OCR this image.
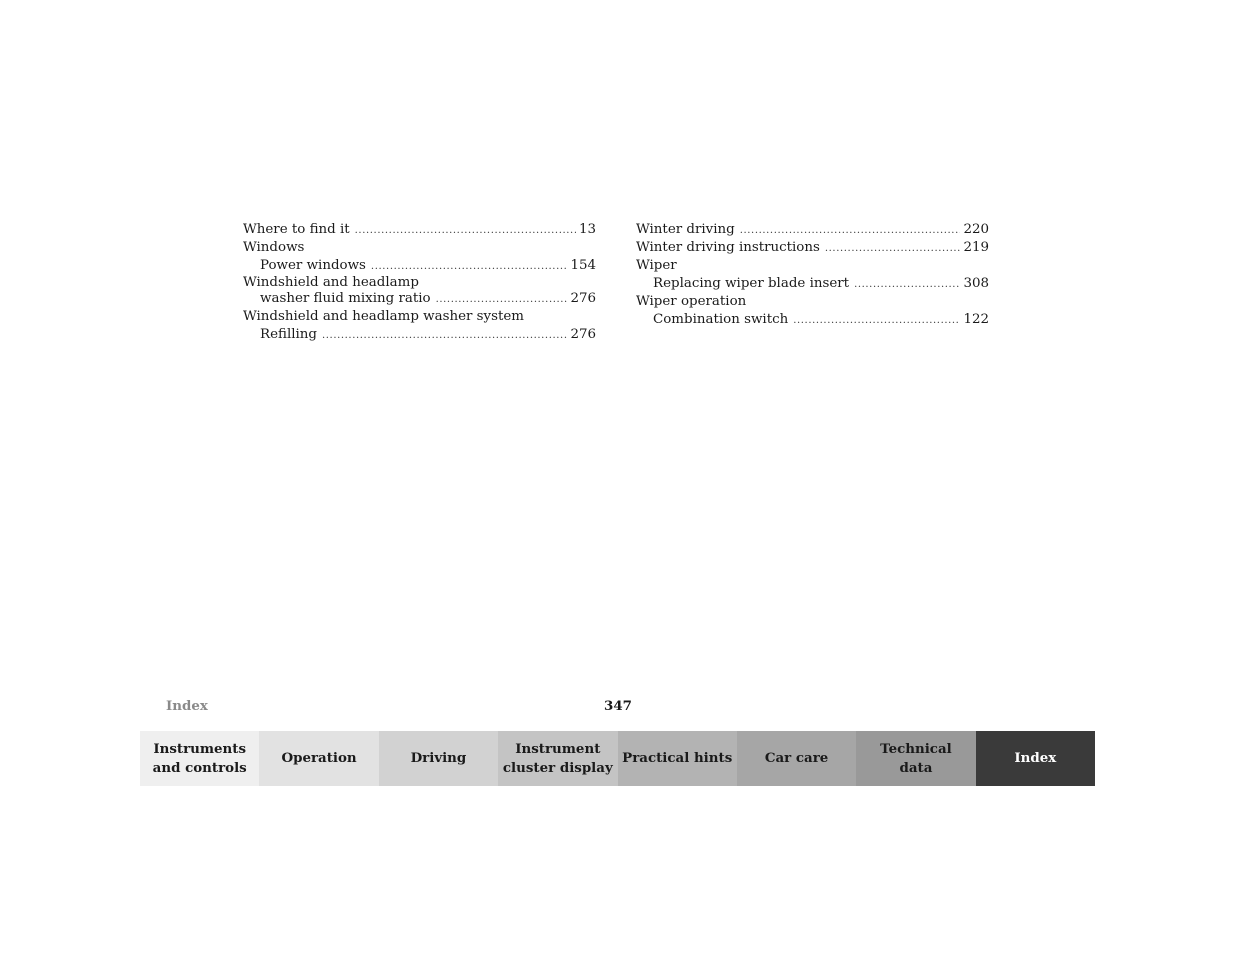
Where to find it .....	13
Windows
Power windows .....	154
Windshield and headlamp
washer fluid mixing ratio .....	276
Windshield and headlamp washer system
Refilling .....	276
Winter driving .....	220
Winter driving instructions .....	219
Wiper
Replacing wiper blade insert .....	308
Wiper operation
Combination switch .....	122
Index	347
Instruments
and controls
Operation	Driving
Instrument
cluster display
Practical hints	Car care
Technical
data
Index
